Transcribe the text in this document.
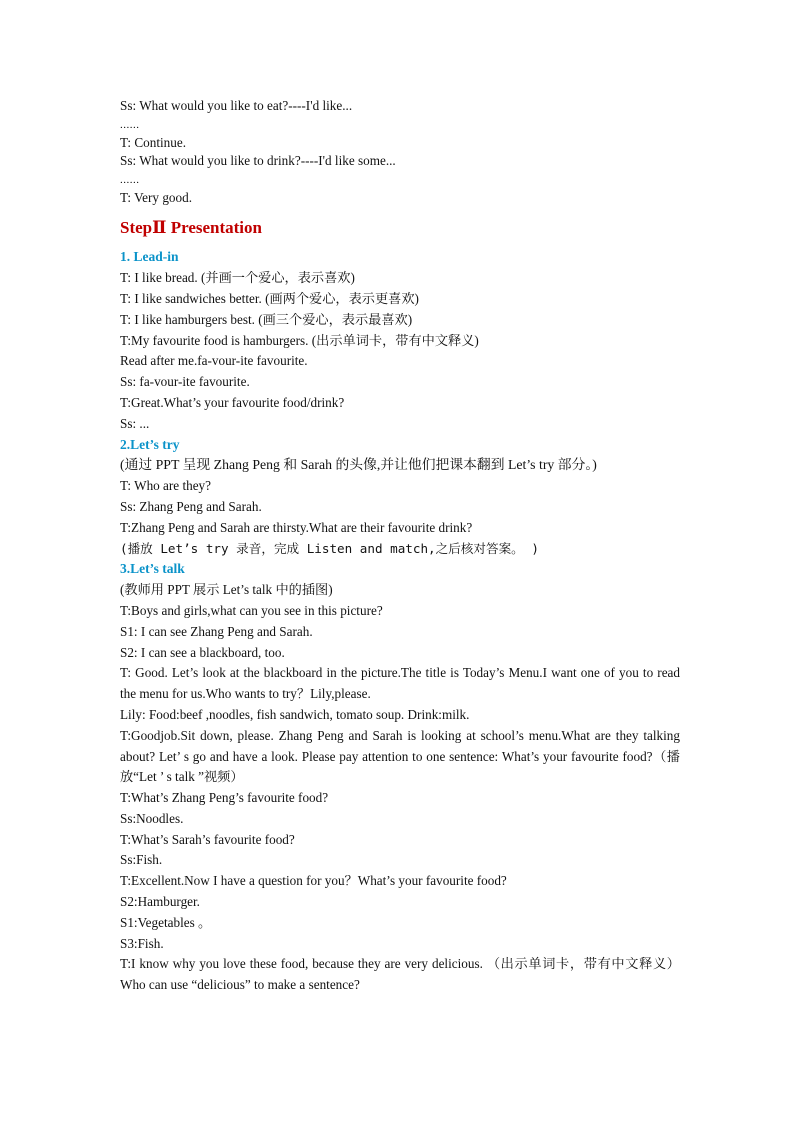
Ss: What would you like to eat?----I'd like...
......
T: Continue.
Ss: What would you like to drink?----I'd like some...
......
T: Very good.
StepⅡ Presentation
1. Lead-in
T: I like bread. (并画一个爱心，表示喜欢)
T: I like sandwiches better. (画两个爱心，表示更喜欢)
T: I like hamburgers best. (画三个爱心，表示最喜欢)
T:My favourite food is hamburgers. (出示单词卡，带有中文释义)
Read after me.fa-vour-ite favourite.
Ss: fa-vour-ite favourite.
T:Great.What’s your favourite food/drink?
Ss: ...
2.Let’s try
(通过 PPT 呈现 Zhang Peng 和 Sarah 的头像,并让他们把课本翻到 Let’s try 部分。)
T: Who are they?
Ss: Zhang Peng and Sarah.
T:Zhang Peng and Sarah are thirsty.What are their favourite drink?
(播放 Let’s try 录音，完成 Listen and match,之后核对答案。 )
3.Let’s talk
(教师用 PPT 展示 Let’s talk 中的插图)
T:Boys and girls,what can you see in this picture?
S1: I can see Zhang Peng and Sarah.
S2: I can see a blackboard, too.
T: Good. Let’s look at the blackboard in the picture.The title is Today’s Menu.I want one of you to read the menu for us.Who wants to try？Lily,please.
Lily: Food:beef ,noodles, fish sandwich, tomato soup. Drink:milk.
T:Goodjob.Sit down, please. Zhang Peng and Sarah is looking at school’s menu.What are they talking about? Let’ s go and have a look. Please pay attention to one sentence: What’s your favourite food?（播放“Let ’ s talk ”视频）
T:What’s Zhang Peng’s favourite food?
Ss:Noodles.
T:What’s Sarah’s favourite food?
Ss:Fish.
T:Excellent.Now I have a question for you？What’s your favourite food?
S2:Hamburger.
S1:Vegetables 。
S3:Fish.
T:I know why you love these food, because they are very delicious. （出示单词卡，带有中文释义） Who can use “delicious” to make a sentence?
